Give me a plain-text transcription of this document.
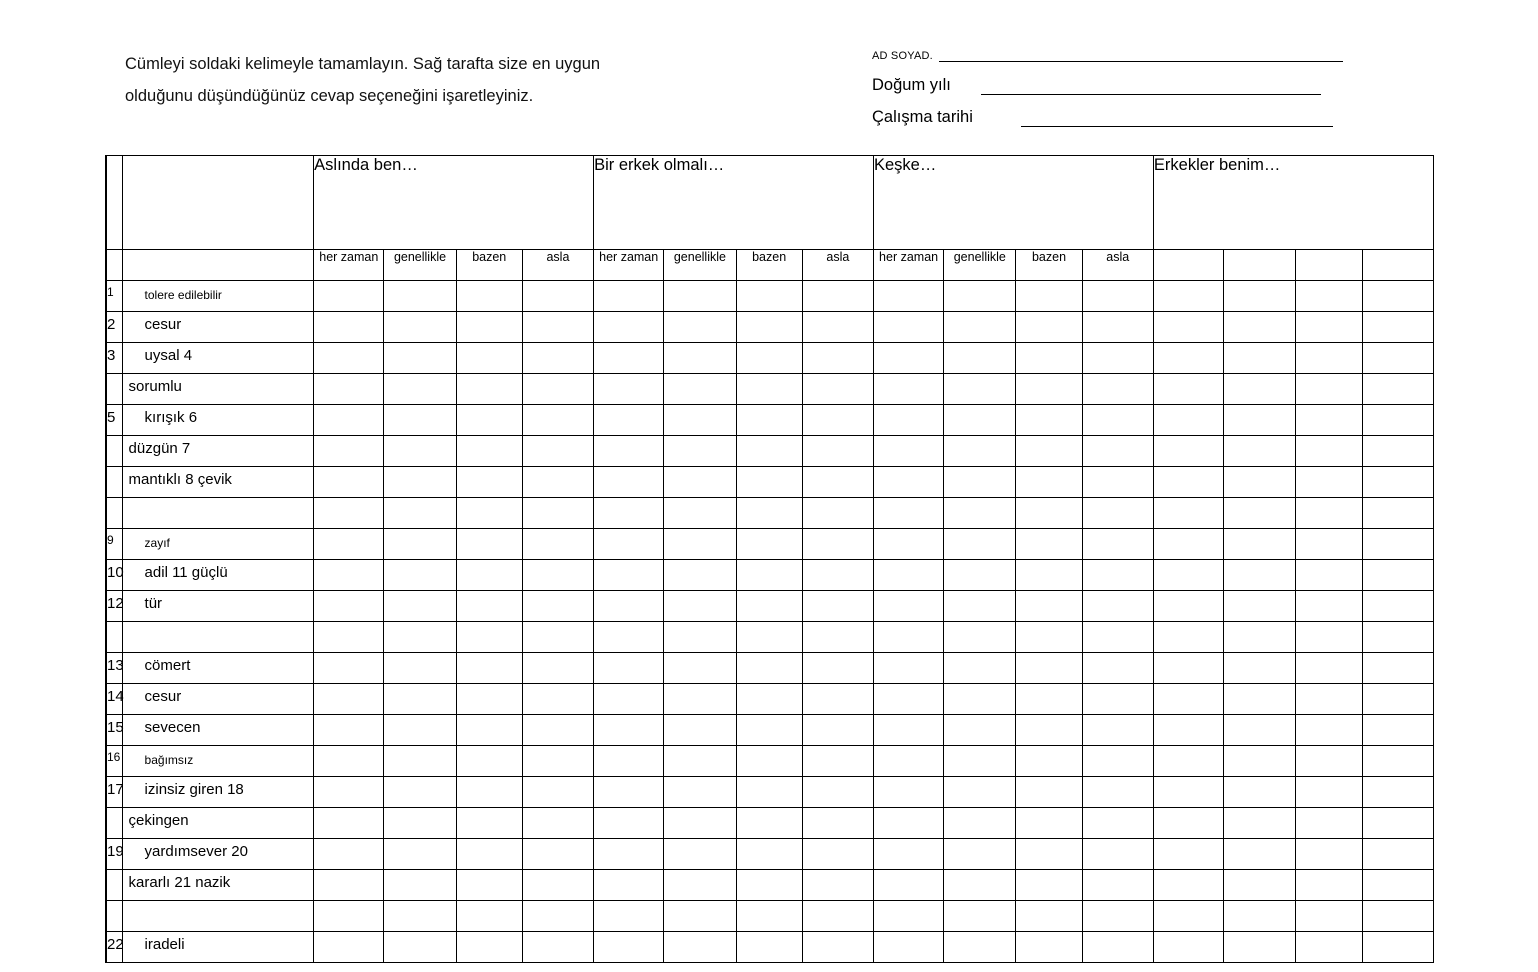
Cümleyi soldaki kelimeyle tamamlayın. Sağ tarafta size en uygun
olduğunu düşündüğünüz cevap seçeneğini işaretleyiniz.
AD SOYAD.
Doğum yılı
Çalışma tarihi
		Aslında ben…				Bir erkek olmalı…				Keşke…				Erkekler benim…			
		her zaman	genellikle	bazen	asla	her zaman	genellikle	bazen	asla	her zaman	genellikle	bazen	asla				

1	tolere edilebilir																

2	cesur																

3	uysal 4																

	sorumlu																

5	kırışık 6																

	düzgün 7																

	mantıklı 8 çevik																

9	zayıf																

10	adil 11 güçlü																

12	tür																

13	cömert																

14	cesur																

15	sevecen																

16	bağımsız																

17	izinsiz giren 18																

	çekingen																

19	yardımsever 20																

	kararlı 21 nazik																

22	iradeli																
